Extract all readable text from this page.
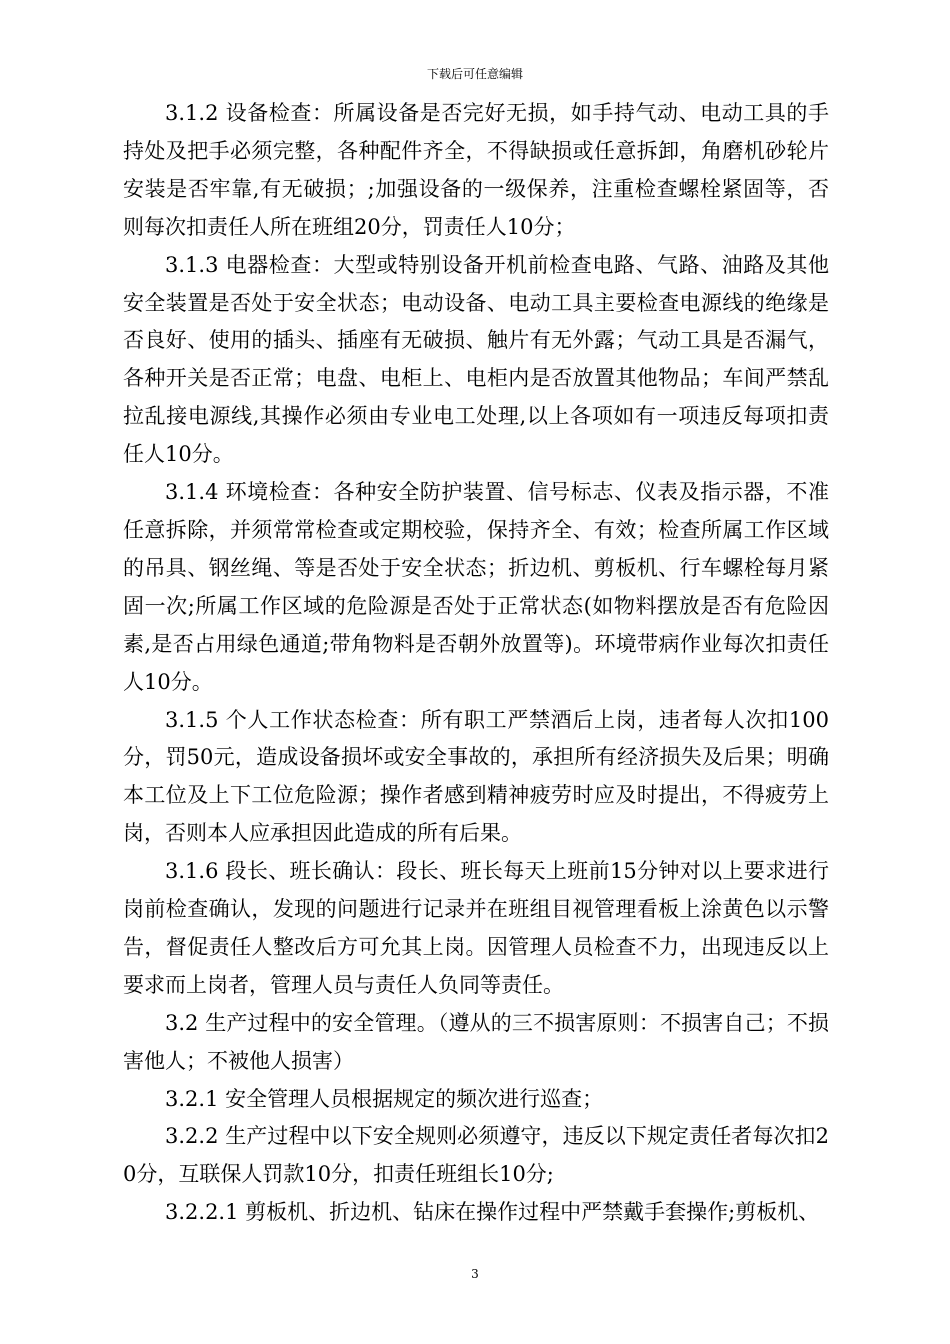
下载后可任意编辑

3.1.2 设备检查：所属设备是否完好无损，如手持气动、电动工具的手持处及把手必须完整，各种配件齐全，不得缺损或任意拆卸，角磨机砂轮片安装是否牢靠,有无破损；;加强设备的一级保养，注重检查螺栓紧固等，否则每次扣责任人所在班组20分，罚责任人10分；

3.1.3 电器检查：大型或特别设备开机前检查电路、气路、油路及其他安全装置是否处于安全状态；电动设备、电动工具主要检查电源线的绝缘是否良好、使用的插头、插座有无破损、触片有无外露；气动工具是否漏气，各种开关是否正常；电盘、电柜上、电柜内是否放置其他物品；车间严禁乱拉乱接电源线,其操作必须由专业电工处理,以上各项如有一项违反每项扣责任人10分。

3.1.4 环境检查：各种安全防护装置、信号标志、仪表及指示器，不准任意拆除，并须常常检查或定期校验，保持齐全、有效；检查所属工作区域的吊具、钢丝绳、等是否处于安全状态；折边机、剪板机、行车螺栓每月紧固一次;所属工作区域的危险源是否处于正常状态(如物料摆放是否有危险因素,是否占用绿色通道;带角物料是否朝外放置等)。环境带病作业每次扣责任人10分。

3.1.5 个人工作状态检查：所有职工严禁酒后上岗，违者每人次扣100分，罚50元，造成设备损坏或安全事故的，承担所有经济损失及后果；明确本工位及上下工位危险源；操作者感到精神疲劳时应及时提出，不得疲劳上岗，否则本人应承担因此造成的所有后果。

3.1.6 段长、班长确认：段长、班长每天上班前15分钟对以上要求进行岗前检查确认，发现的问题进行记录并在班组目视管理看板上涂黄色以示警告，督促责任人整改后方可允其上岗。因管理人员检查不力，出现违反以上要求而上岗者，管理人员与责任人负同等责任。

3.2 生产过程中的安全管理。（遵从的三不损害原则：不损害自己；不损害他人；不被他人损害）

3.2.1 安全管理人员根据规定的频次进行巡查；

3.2.2 生产过程中以下安全规则必须遵守，违反以下规定责任者每次扣20分，互联保人罚款10分，扣责任班组长10分;

3.2.2.1 剪板机、折边机、钻床在操作过程中严禁戴手套操作;剪板机、

3
